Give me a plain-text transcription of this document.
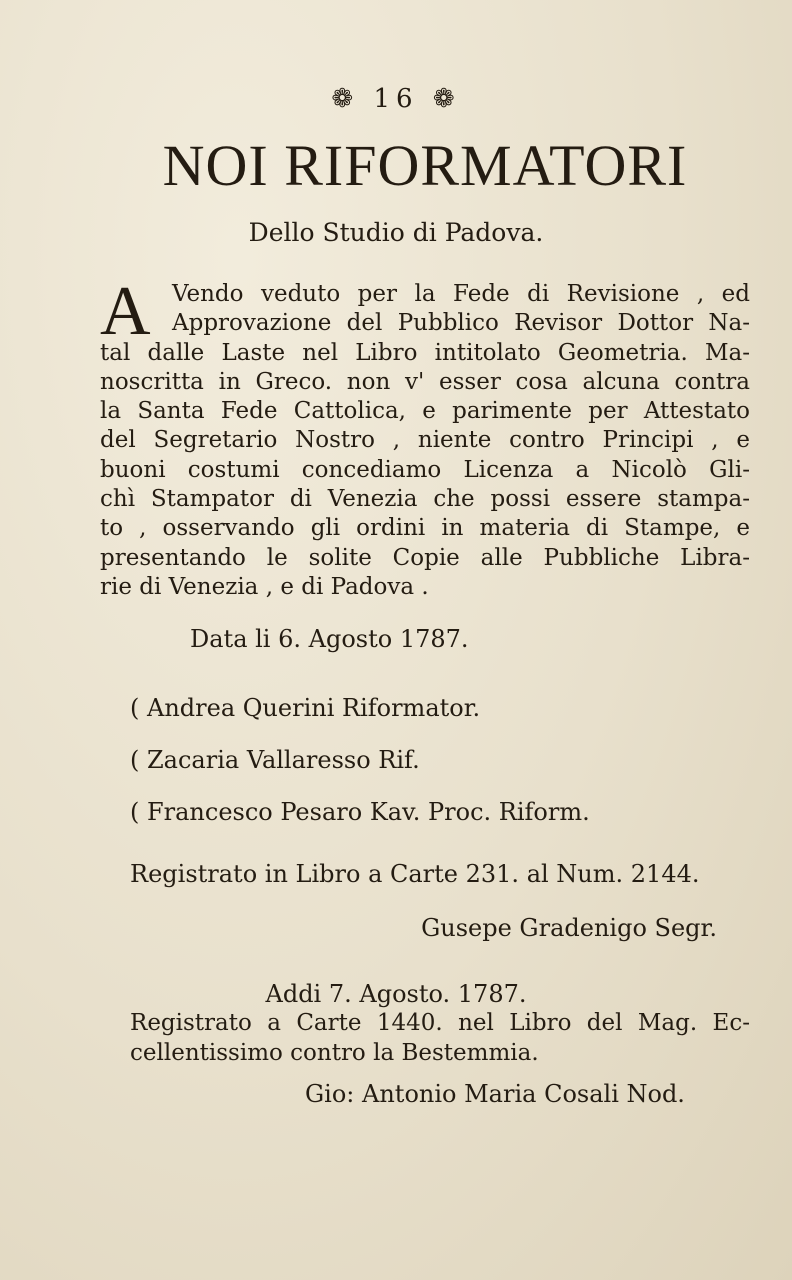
❁ 16 ❁
NOI RIFORMATORI
Dello Studio di Padova.
A Vendo veduto per la Fede di Revisione , ed
Approvazione del Pubblico Revisor Dottor Na-
tal dalle Laste nel Libro intitolato Geometria. Ma-
noscritta in Greco. non v' esser cosa alcuna contra
la Santa Fede Cattolica, e parimente per Attestato
del Segretario Nostro , niente contro Principi , e
buoni costumi concediamo Licenza a Nicolò Gli-
chì Stampator di Venezia che possi essere stampa-
to , osservando gli ordini in materia di Stampe, e
presentando le solite Copie alle Pubbliche Libra-
rie di Venezia , e di Padova .
Data li 6. Agosto 1787.
( Andrea Querini Riformator.
( Zacaria Vallaresso Rif.
( Francesco Pesaro Kav. Proc. Riform.
Registrato in Libro a Carte 231. al Num. 2144.
Gusepe Gradenigo Segr.
Addi 7. Agosto. 1787.
Registrato a Carte 1440. nel Libro del Mag. Ec-
cellentissimo contro la Bestemmia.
Gio: Antonio Maria Cosali Nod.
